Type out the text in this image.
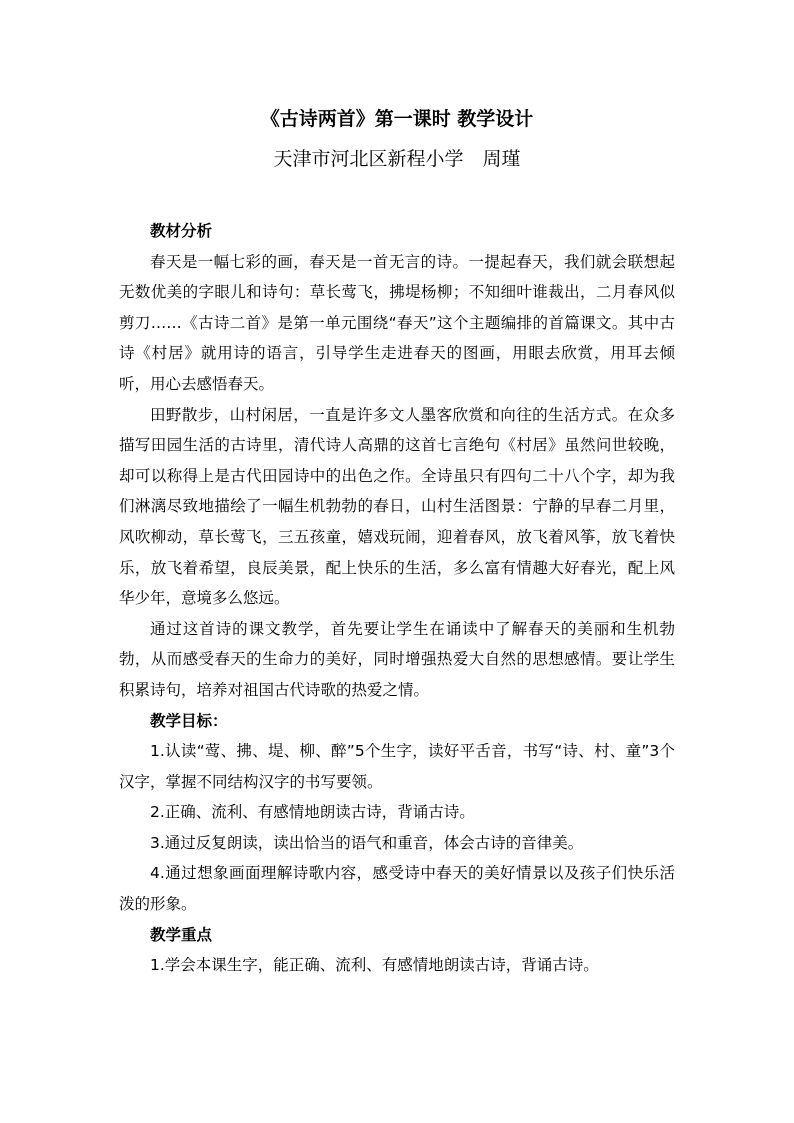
《古诗两首》第一课时 教学设计
天津市河北区新程小学　周瑾

教材分析

春天是一幅七彩的画，春天是一首无言的诗。一提起春天，我们就会联想起无数优美的字眼儿和诗句：草长莺飞，拂堤杨柳；不知细叶谁裁出，二月春风似剪刀……《古诗二首》是第一单元围绕“春天”这个主题编排的首篇课文。其中古诗《村居》就用诗的语言，引导学生走进春天的图画，用眼去欣赏，用耳去倾听，用心去感悟春天。

田野散步，山村闲居，一直是许多文人墨客欣赏和向往的生活方式。在众多描写田园生活的古诗里，清代诗人高鼎的这首七言绝句《村居》虽然问世较晚，却可以称得上是古代田园诗中的出色之作。全诗虽只有四句二十八个字，却为我们淋漓尽致地描绘了一幅生机勃勃的春日，山村生活图景：宁静的早春二月里，风吹柳动，草长莺飞，三五孩童，嬉戏玩闹，迎着春风，放飞着风筝，放飞着快乐，放飞着希望，良辰美景，配上快乐的生活，多么富有情趣大好春光，配上风华少年，意境多么悠远。

通过这首诗的课文教学，首先要让学生在诵读中了解春天的美丽和生机勃勃，从而感受春天的生命力的美好，同时增强热爱大自然的思想感情。要让学生积累诗句，培养对祖国古代诗歌的热爱之情。

教学目标：

1.认读“莺、拂、堤、柳、醉”5个生字，读好平舌音，书写“诗、村、童”3个汉字，掌握不同结构汉字的书写要领。

2.正确、流利、有感情地朗读古诗，背诵古诗。

3.通过反复朗读，读出恰当的语气和重音，体会古诗的音律美。

4.通过想象画面理解诗歌内容，感受诗中春天的美好情景以及孩子们快乐活泼的形象。

教学重点

1.学会本课生字，能正确、流利、有感情地朗读古诗，背诵古诗。
